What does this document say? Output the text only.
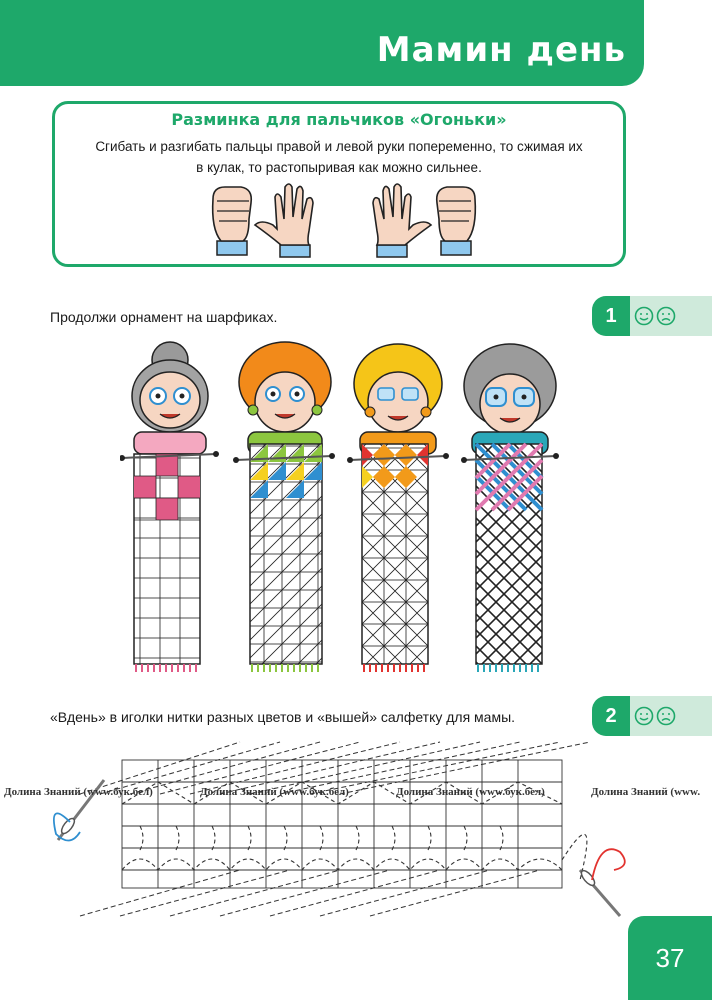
Мамин день
Разминка для пальчиков «Огоньки»
Сгибать и разгибать пальцы правой и левой руки попеременно, то сжимая их
в кулак, то растопыривая как можно сильнее.
Продолжи орнамент на шарфиках.	1
«Вдень» в иголки нитки разных цветов и «вышей» салфетку для мамы.	2
Долина Знаний (www.бук.бел)	Долина Знаний (www.бук.бел)	Долина Знаний (www.бук.бел)	Долина Знаний (www.
37
